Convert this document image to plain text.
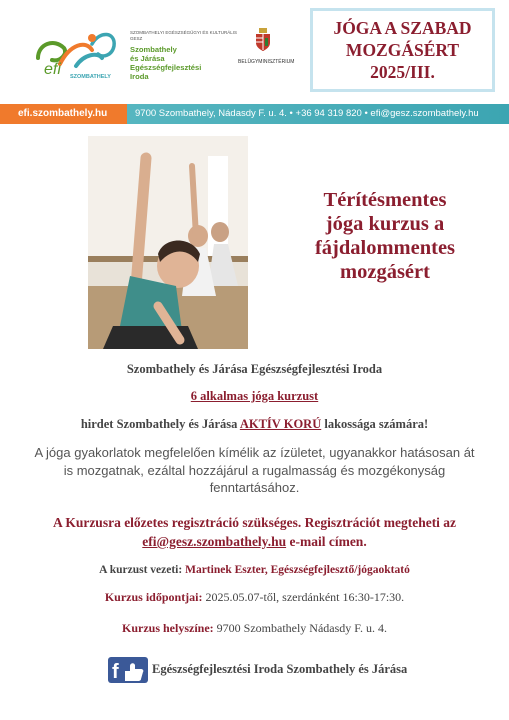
efi SZOMBATHELY
SZOMBATHELYI EGÉSZSÉGÜGYI ÉS KULTURÁLIS GESZ
Szombathely
és Járása
Egészségfejlesztési
Iroda
BELÜGYMINISZTÉRIUM
JÓGA A SZABAD
MOZGÁSÉRT
2025/III.
efi.szombathely.hu	9700 Szombathely, Nádasdy F. u. 4. • +36 94 319 820 • efi@gesz.szombathely.hu
Térítésmentes
jóga kurzus a
fájdalommentes
mozgásért
Szombathely és Járása Egészségfejlesztési Iroda
6 alkalmas jóga kurzust
hirdet Szombathely és Járása AKTÍV KORÚ lakossága számára!
A jóga gyakorlatok megfelelően kímélik az ízületet, ugyanakkor hatásosan át is mozgatnak, ezáltal hozzájárul a rugalmasság és mozgékonyság fenntartásához.
A Kurzusra előzetes regisztráció szükséges. Regisztrációt megteheti az efi@gesz.szombathely.hu e-mail címen.
A kurzust vezeti: Martinek Eszter, Egészségfejlesztő/jógaoktató
Kurzus időpontjai: 2025.05.07-től, szerdánként 16:30-17:30.
Kurzus helyszíne: 9700 Szombathely Nádasdy F. u. 4.
f	Egészségfejlesztési Iroda Szombathely és Járása
